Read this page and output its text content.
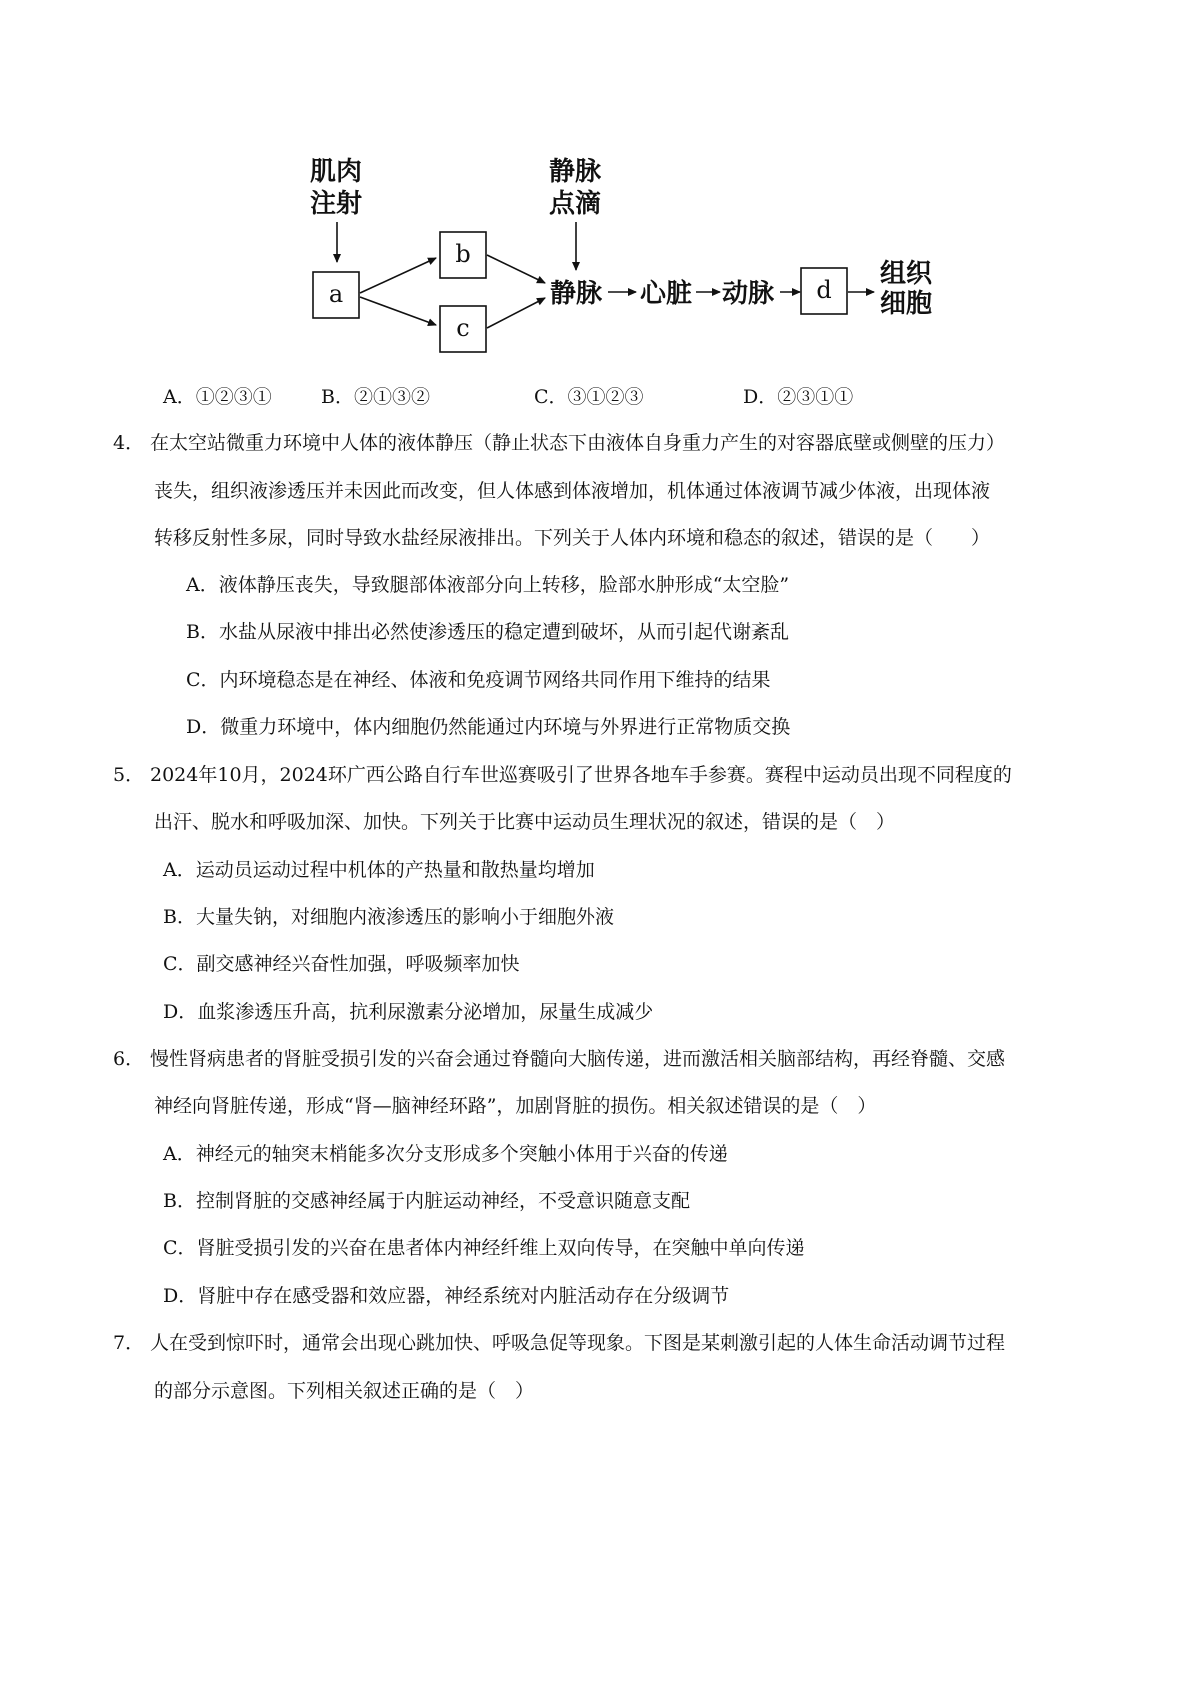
肌肉
注射
静脉
点滴
a
b
c
静脉 心脏 动脉 d
组织
细胞
A．①②③①	B．②①③②	C．③①②③	D．②③①①
4． 在太空站微重力环境中人体的液体静压（静止状态下由液体自身重力产生的对容器底壁或侧壁的压力）
丧失，组织液渗透压并未因此而改变，但人体感到体液增加，机体通过体液调节减少体液，出现体液
转移反射性多尿，同时导致水盐经尿液排出。下列关于人体内环境和稳态的叙述，错误的是（　　）
A．液体静压丧失，导致腿部体液部分向上转移，脸部水肿形成“太空脸”
B．水盐从尿液中排出必然使渗透压的稳定遭到破坏，从而引起代谢紊乱
C．内环境稳态是在神经、体液和免疫调节网络共同作用下维持的结果
D．微重力环境中，体内细胞仍然能通过内环境与外界进行正常物质交换
5． 2024年10月，2024环广西公路自行车世巡赛吸引了世界各地车手参赛。赛程中运动员出现不同程度的
出汗、脱水和呼吸加深、加快。下列关于比赛中运动员生理状况的叙述，错误的是（　）
A．运动员运动过程中机体的产热量和散热量均增加
B．大量失钠，对细胞内液渗透压的影响小于细胞外液
C．副交感神经兴奋性加强，呼吸频率加快
D．血浆渗透压升高，抗利尿激素分泌增加，尿量生成减少
6． 慢性肾病患者的肾脏受损引发的兴奋会通过脊髓向大脑传递，进而激活相关脑部结构，再经脊髓、交感
神经向肾脏传递，形成“肾—脑神经环路”，加剧肾脏的损伤。相关叙述错误的是（　）
A．神经元的轴突末梢能多次分支形成多个突触小体用于兴奋的传递
B．控制肾脏的交感神经属于内脏运动神经，不受意识随意支配
C．肾脏受损引发的兴奋在患者体内神经纤维上双向传导，在突触中单向传递
D．肾脏中存在感受器和效应器，神经系统对内脏活动存在分级调节
7． 人在受到惊吓时，通常会出现心跳加快、呼吸急促等现象。下图是某刺激引起的人体生命活动调节过程
的部分示意图。下列相关叙述正确的是（　）
